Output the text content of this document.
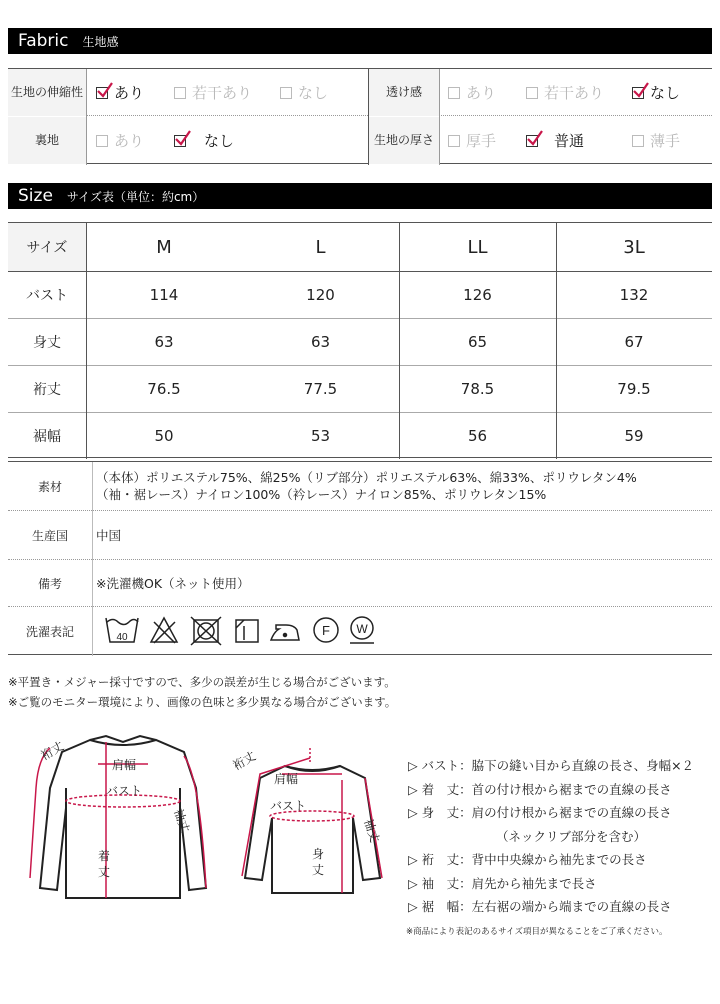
Fabric 生地感
生地の伸縮性 あり	若干あり	なし	透け感	あり	若干あり	なし
裏地	あり	なし	生地の厚さ	厚手	普通	薄手
Size サイズ表（単位：約cm）
サイズ	M	L	LL	3L
バスト	114	120	126	132
身丈	63	63	65	67
裄丈	76.5	77.5	78.5	79.5
裾幅	50	53	56	59
素材
（本体）ポリエステル75%、綿25%（リブ部分）ポリエステル63%、綿33%、ポリウレタン4%
（袖・裾レース）ナイロン100%（衿レース）ナイロン85%、ポリウレタン15%
生産国	中国
備考	※洗濯機OK（ネット使用）
洗濯表記	40	F W
※平置き・メジャー採寸ですので、多少の誤差が生じる場合がございます。
※ご覧のモニター環境により、画像の色味と多少異なる場合がございます。
裄丈
肩幅
バスト
着丈
袖丈
裄丈
肩幅
バスト
身丈
袖丈
▷ バスト：脇下の縫い目から直線の長さ、身幅×２
▷ 着　丈：首の付け根から裾までの直線の長さ
▷ 身　丈：肩の付け根から裾までの直線の長さ
（ネックリブ部分を含む）
▷ 裄　丈：背中中央線から袖先までの長さ
▷ 袖　丈：肩先から袖先まで長さ
▷ 裾　幅：左右裾の端から端までの直線の長さ
※商品により表記のあるサイズ項目が異なることをご了承ください。
